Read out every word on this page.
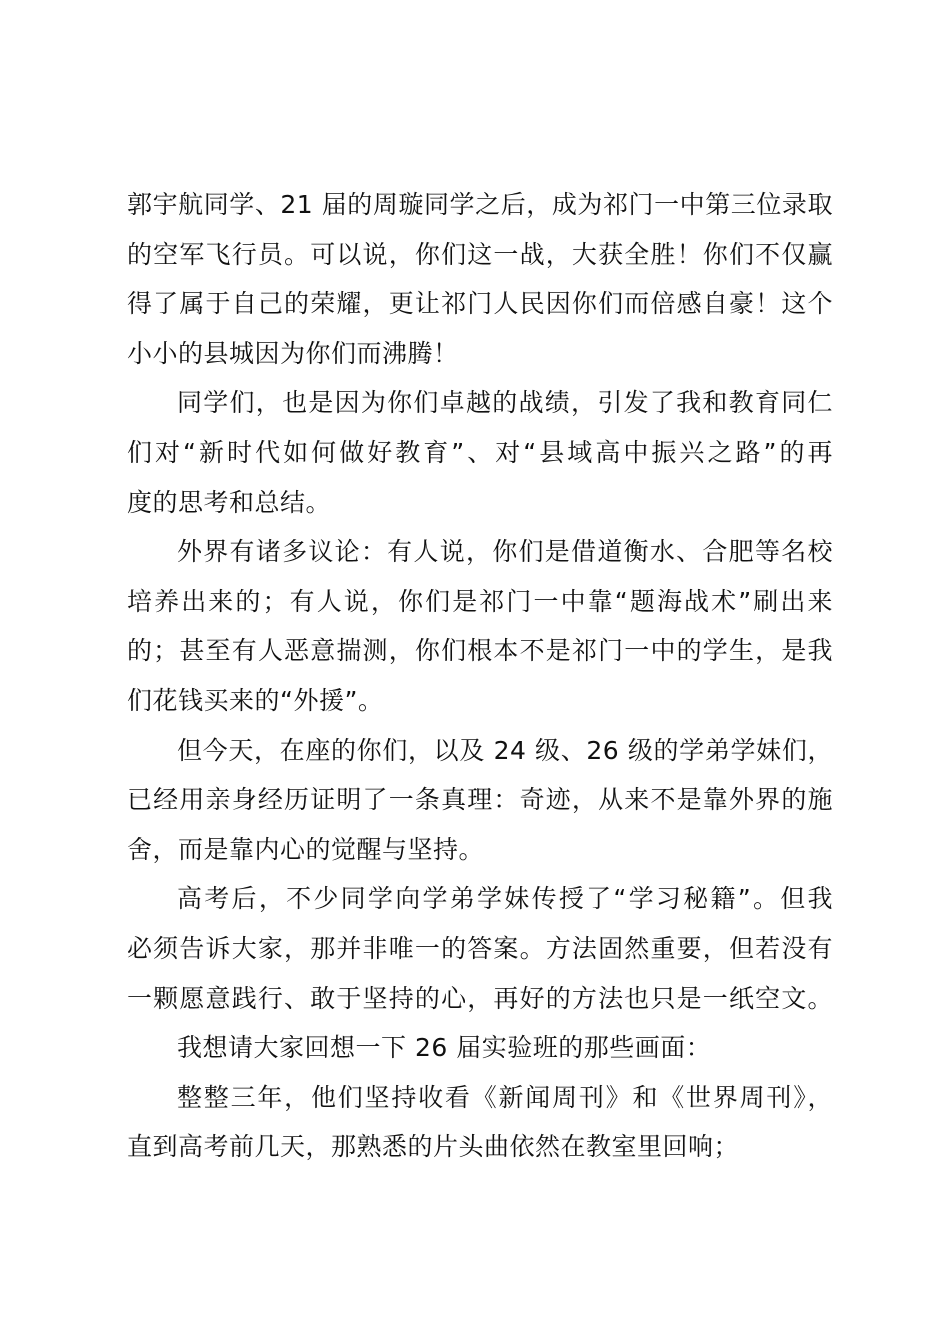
郭宇航同学、21 届的周璇同学之后，成为祁门一中第三位录取
的空军飞行员。可以说，你们这一战，大获全胜！你们不仅赢
得了属于自己的荣耀，更让祁门人民因你们而倍感自豪！这个
小小的县城因为你们而沸腾！
同学们，也是因为你们卓越的战绩，引发了我和教育同仁
们对“新时代如何做好教育”、对“县域高中振兴之路”的再
度的思考和总结。
外界有诸多议论：有人说，你们是借道衡水、合肥等名校
培养出来的；有人说，你们是祁门一中靠“题海战术”刷出来
的；甚至有人恶意揣测，你们根本不是祁门一中的学生，是我
们花钱买来的“外援”。
但今天，在座的你们，以及 24 级、26 级的学弟学妹们，
已经用亲身经历证明了一条真理：奇迹，从来不是靠外界的施
舍，而是靠内心的觉醒与坚持。
高考后，不少同学向学弟学妹传授了“学习秘籍”。但我
必须告诉大家，那并非唯一的答案。方法固然重要，但若没有
一颗愿意践行、敢于坚持的心，再好的方法也只是一纸空文。
我想请大家回想一下 26 届实验班的那些画面：
整整三年，他们坚持收看《新闻周刊》和《世界周刊》，
直到高考前几天，那熟悉的片头曲依然在教室里回响；
